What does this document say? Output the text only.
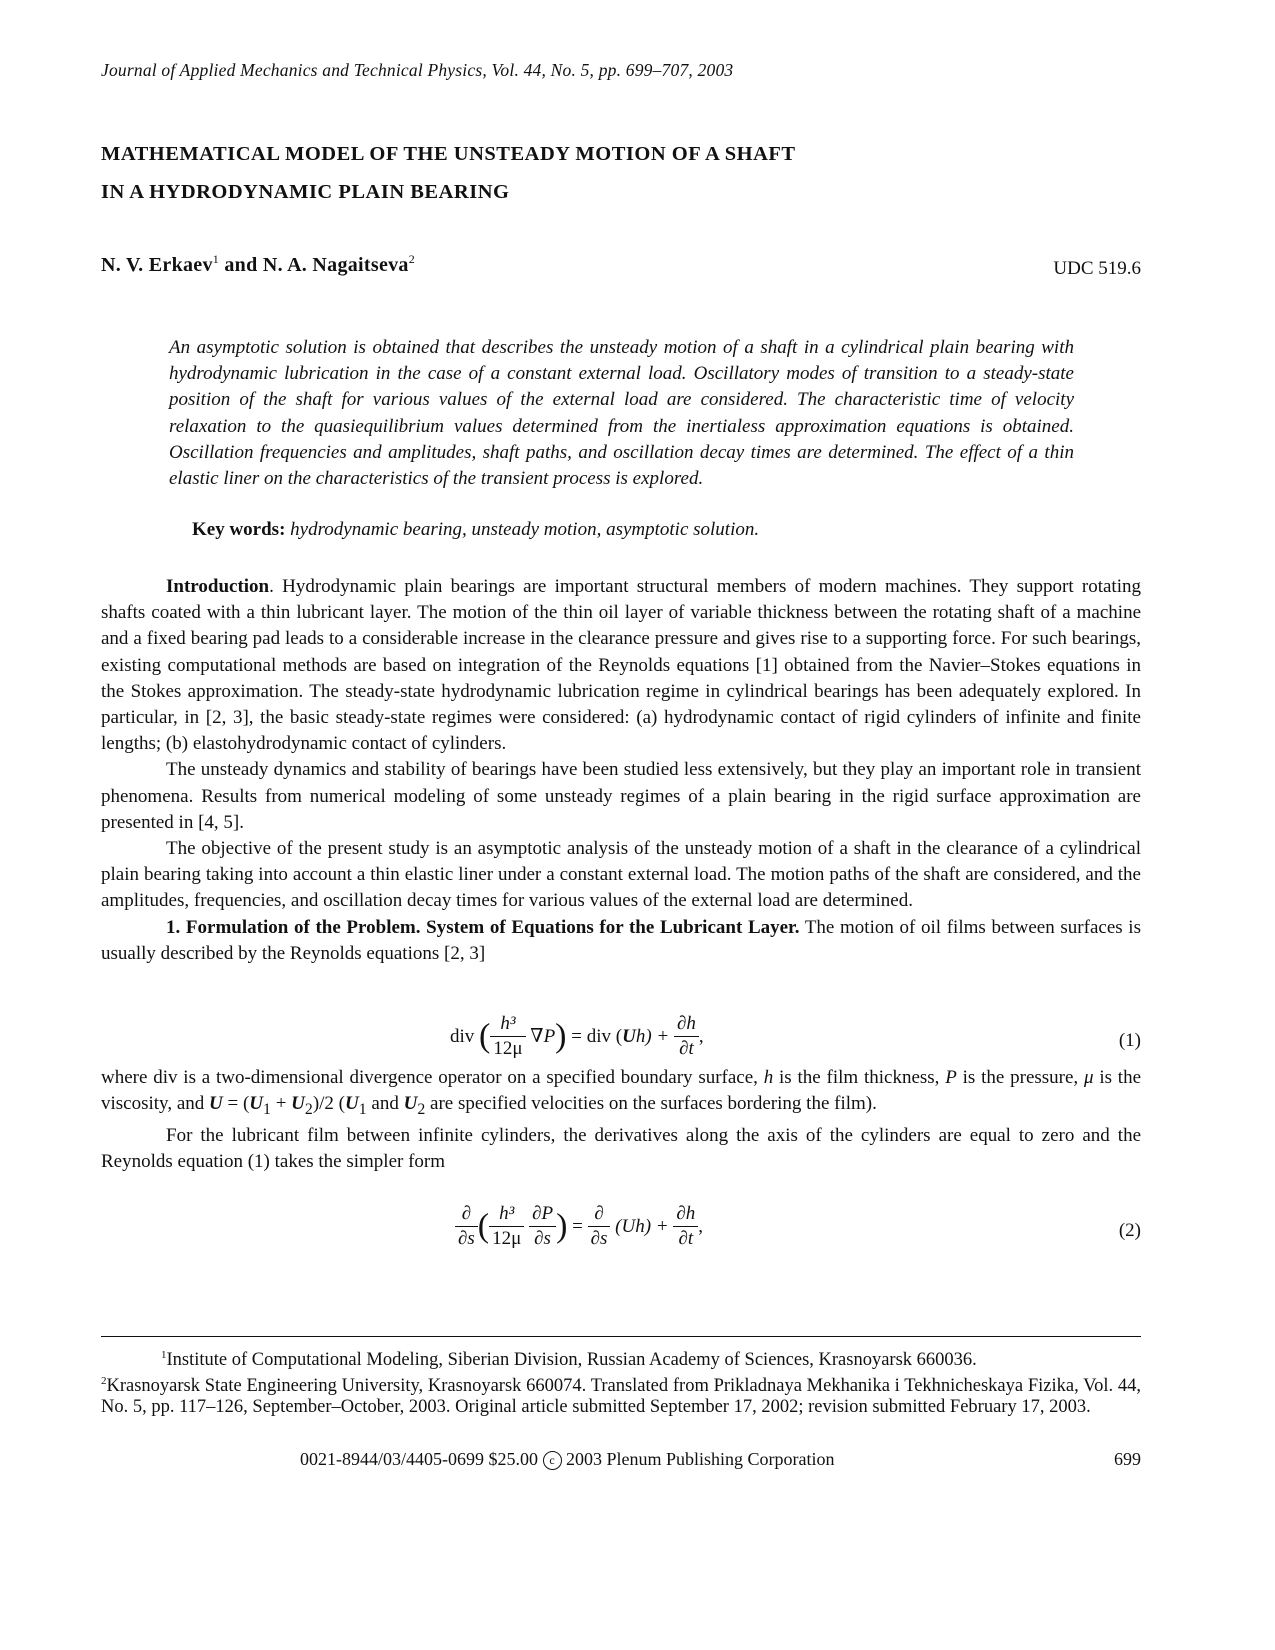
Journal of Applied Mechanics and Technical Physics, Vol. 44, No. 5, pp. 699–707, 2003
MATHEMATICAL MODEL OF THE UNSTEADY MOTION OF A SHAFT
IN A HYDRODYNAMIC PLAIN BEARING
N. V. Erkaev$^1$ and N. A. Nagaitseva$^2$	UDC 519.6
An asymptotic solution is obtained that describes the unsteady motion of a shaft in a cylindrical plain bearing with hydrodynamic lubrication in the case of a constant external load. Oscillatory modes of transition to a steady-state position of the shaft for various values of the external load are considered. The characteristic time of velocity relaxation to the quasiequilibrium values determined from the inertialess approximation equations is obtained. Oscillation frequencies and amplitudes, shaft paths, and oscillation decay times are determined. The effect of a thin elastic liner on the characteristics of the transient process is explored.
Key words: hydrodynamic bearing, unsteady motion, asymptotic solution.

Introduction. Hydrodynamic plain bearings are important structural members of modern machines. They support rotating shafts coated with a thin lubricant layer. The motion of the thin oil layer of variable thickness between the rotating shaft of a machine and a fixed bearing pad leads to a considerable increase in the clearance pressure and gives rise to a supporting force. For such bearings, existing computational methods are based on integration of the Reynolds equations [1] obtained from the Navier–Stokes equations in the Stokes approximation. The steady-state hydrodynamic lubrication regime in cylindrical bearings has been adequately explored. In particular, in [2, 3], the basic steady-state regimes were considered: (a) hydrodynamic contact of rigid cylinders of infinite and finite lengths; (b) elastohydrodynamic contact of cylinders.

The unsteady dynamics and stability of bearings have been studied less extensively, but they play an important role in transient phenomena. Results from numerical modeling of some unsteady regimes of a plain bearing in the rigid surface approximation are presented in [4, 5].

The objective of the present study is an asymptotic analysis of the unsteady motion of a shaft in the clearance of a cylindrical plain bearing taking into account a thin elastic liner under a constant external load. The motion paths of the shaft are considered, and the amplitudes, frequencies, and oscillation decay times for various values of the external load are determined.

1. Formulation of the Problem. System of Equations for the Lubricant Layer. The motion of oil films between surfaces is usually described by the Reynolds equations [2, 3]

div ( $\frac{\text{h³}}{12\mu} \nabla P$) = div $(Uh) + \frac{\partial h}{\partial t}$ ,	(1)

where div is a two-dimensional divergence operator on a specified boundary surface, h is the film thickness, P is the pressure, μ is the viscosity, and $U = (U_1 + U_2)/2$ ($U_1$ and $U_2$ are specified velocities on the surfaces bordering the film).

For the lubricant film between infinite cylinders, the derivatives along the axis of the cylinders are equal to zero and the Reynolds equation (1) takes the simpler form

$\frac{\partial}{\partial s}$ ( $\frac{\text{h³}}{12\mu}$
$\frac{\partial P}{\partial s}$ ) = $\frac{\partial}{\partial s} (Uh) + \frac{\partial h}{\partial t}$ ,	(2)

$^1$Institute of Computational Modeling, Siberian Division, Russian Academy of Sciences, Krasnoyarsk 660036.

$^2$Krasnoyarsk State Engineering University, Krasnoyarsk 660074. Translated from Prikladnaya Mekhanika i Tekhnicheskaya Fizika, Vol. 44, No. 5, pp. 117–126, September–October, 2003. Original article submitted September 17, 2002; revision submitted February 17, 2003.

0021-8944/03/4405-0699 $25.00 c 2003 Plenum Publishing Corporation	699
